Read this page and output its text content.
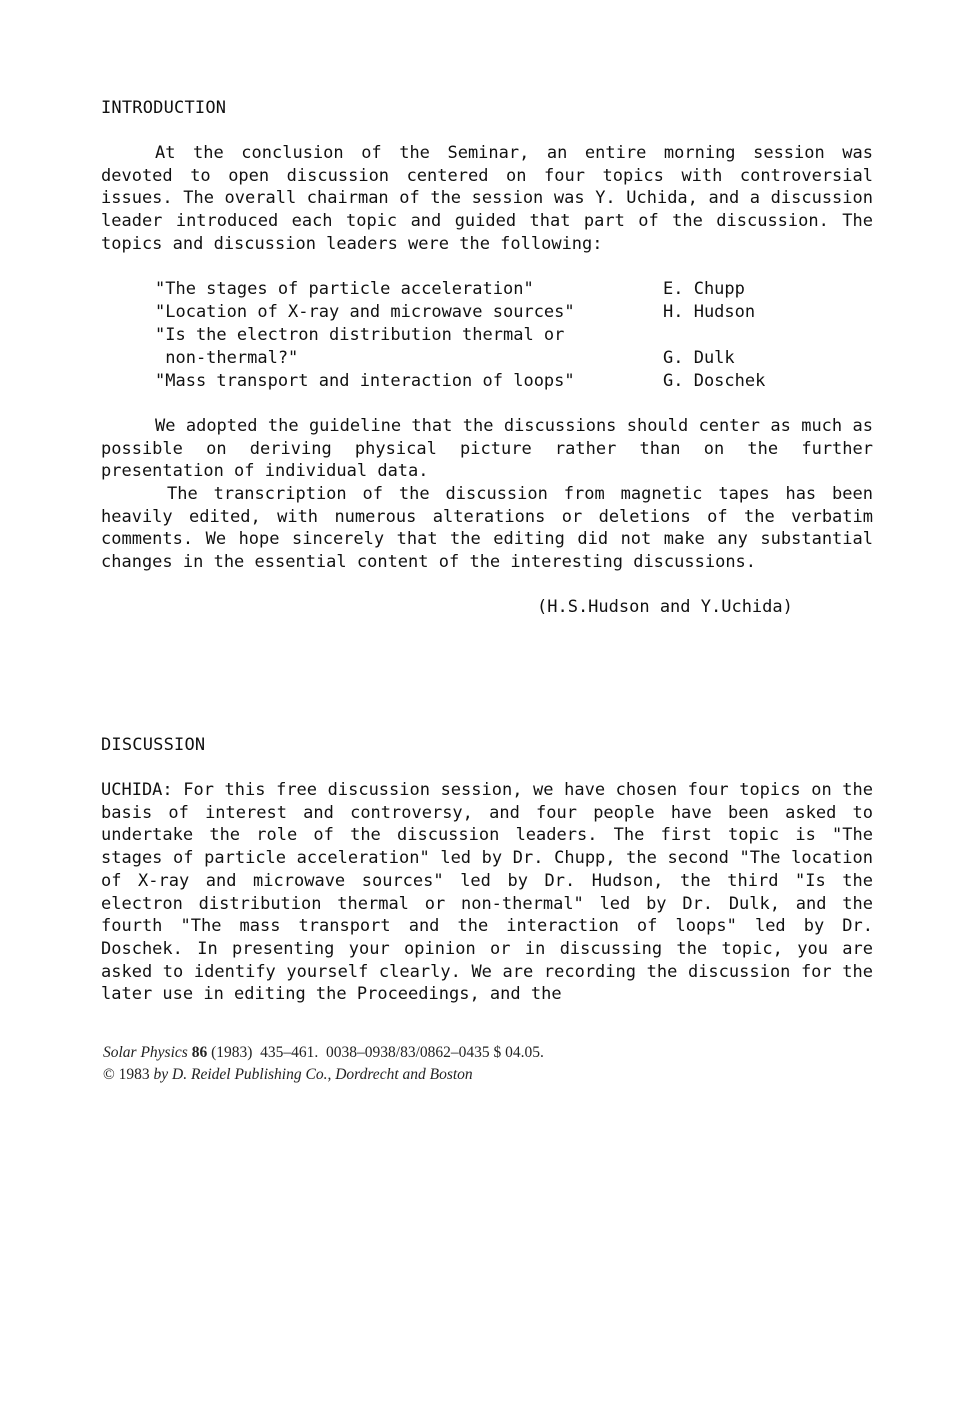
INTRODUCTION

At the conclusion of the Seminar, an entire morning session was devoted to open discussion centered on four topics with controversial issues. The overall chairman of the session was Y. Uchida, and a discussion leader introduced each topic and guided that part of the discussion. The topics and discussion leaders were the following:

"The stages of particle acceleration"	E. Chupp
"Location of X-ray and microwave sources"	H. Hudson
"Is the electron distribution thermal or
non-thermal?"	G. Dulk
"Mass transport and interaction of loops"	G. Doschek

We adopted the guideline that the discussions should center as much as possible on deriving physical picture rather than on the further presentation of individual data.

The transcription of the discussion from magnetic tapes has been heavily edited, with numerous alterations or deletions of the verbatim comments. We hope sincerely that the editing did not make any substantial changes in the essential content of the interesting discussions.

(H.S.Hudson and Y.Uchida)

DISCUSSION

UCHIDA: For this free discussion session, we have chosen four topics on the basis of interest and controversy, and four people have been asked to undertake the role of the discussion leaders. The first topic is "The stages of particle acceleration" led by Dr. Chupp, the second "The location of X-ray and microwave sources" led by Dr. Hudson, the third "Is the electron distribution thermal or non-thermal" led by Dr. Dulk, and the fourth "The mass transport and the interaction of loops" led by Dr. Doschek. In presenting your opinion or in discussing the topic, you are asked to identify yourself clearly. We are recording the discussion for the later use in editing the Proceedings, and the

Solar Physics 86 (1983) 435–461. 0038–0938/83/0862–0435 $ 04.05.
© 1983 by D. Reidel Publishing Co., Dordrecht and Boston
